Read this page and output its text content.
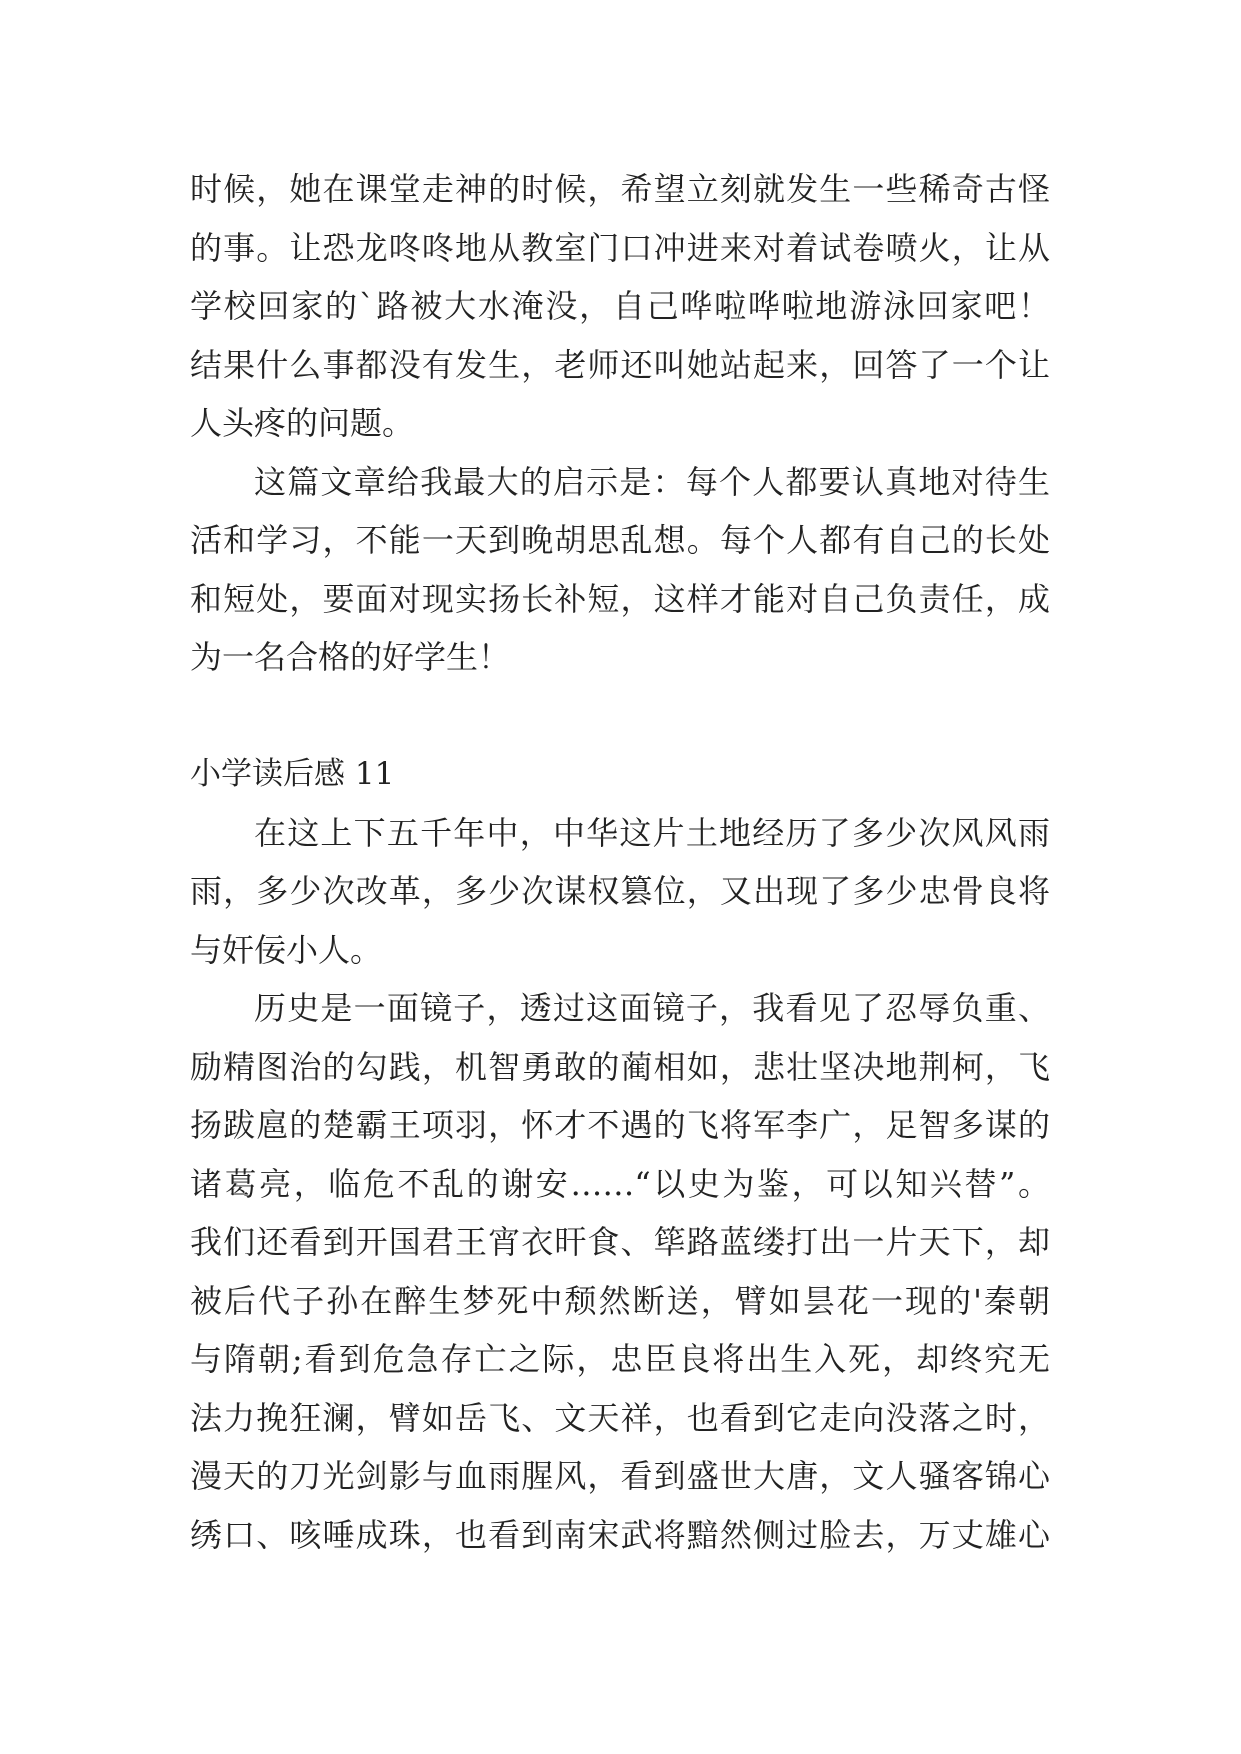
时候，她在课堂走神的时候，希望立刻就发生一些稀奇古怪
的事。让恐龙咚咚地从教室门口冲进来对着试卷喷火，让从
学校回家的`路被大水淹没，自己哗啦哗啦地游泳回家吧！
结果什么事都没有发生，老师还叫她站起来，回答了一个让
人头疼的问题。
这篇文章给我最大的启示是：每个人都要认真地对待生
活和学习，不能一天到晚胡思乱想。每个人都有自己的长处
和短处，要面对现实扬长补短，这样才能对自己负责任，成
为一名合格的好学生！
小学读后感 11
在这上下五千年中，中华这片土地经历了多少次风风雨
雨，多少次改革，多少次谋权篡位，又出现了多少忠骨良将
与奸佞小人。
历史是一面镜子，透过这面镜子，我看见了忍辱负重、
励精图治的勾践，机智勇敢的蔺相如，悲壮坚决地荆柯，飞
扬跋扈的楚霸王项羽，怀才不遇的飞将军李广，足智多谋的
诸葛亮，临危不乱的谢安……“以史为鉴，可以知兴替”。
我们还看到开国君王宵衣旰食、筚路蓝缕打出一片天下，却
被后代子孙在醉生梦死中颓然断送，臂如昙花一现的'秦朝
与隋朝;看到危急存亡之际，忠臣良将出生入死，却终究无
法力挽狂澜，臂如岳飞、文天祥，也看到它走向没落之时，
漫天的刀光剑影与血雨腥风，看到盛世大唐，文人骚客锦心
绣口、咳唾成珠，也看到南宋武将黯然侧过脸去，万丈雄心
